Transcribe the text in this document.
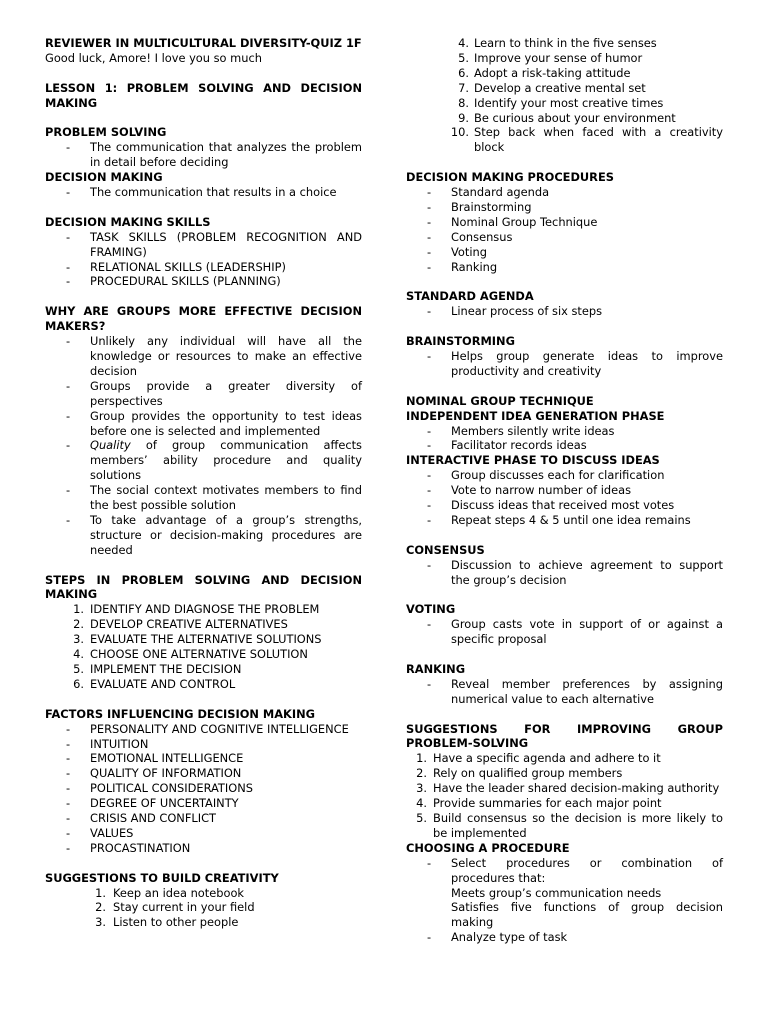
REVIEWER IN MULTICULTURAL DIVERSITY-QUIZ 1F
Good luck, Amore! I love you so much
LESSON 1: PROBLEM SOLVING AND DECISION MAKING
PROBLEM SOLVING
- The communication that analyzes the problem in detail before deciding
DECISION MAKING
- The communication that results in a choice
DECISION MAKING SKILLS
- TASK SKILLS (PROBLEM RECOGNITION AND FRAMING)
- RELATIONAL SKILLS (LEADERSHIP)
- PROCEDURAL SKILLS (PLANNING)
WHY ARE GROUPS MORE EFFECTIVE DECISION MAKERS?
- Unlikely any individual will have all the knowledge or resources to make an effective decision
- Groups provide a greater diversity of perspectives
- Group provides the opportunity to test ideas before one is selected and implemented
- Quality of group communication affects members’ ability procedure and quality solutions
- The social context motivates members to find the best possible solution
- To take advantage of a group’s strengths, structure or decision-making procedures are needed
STEPS IN PROBLEM SOLVING AND DECISION MAKING
1. IDENTIFY AND DIAGNOSE THE PROBLEM
2. DEVELOP CREATIVE ALTERNATIVES
3. EVALUATE THE ALTERNATIVE SOLUTIONS
4. CHOOSE ONE ALTERNATIVE SOLUTION
5. IMPLEMENT THE DECISION
6. EVALUATE AND CONTROL
FACTORS INFLUENCING DECISION MAKING
- PERSONALITY AND COGNITIVE INTELLIGENCE
- INTUITION
- EMOTIONAL INTELLIGENCE
- QUALITY OF INFORMATION
- POLITICAL CONSIDERATIONS
- DEGREE OF UNCERTAINTY
- CRISIS AND CONFLICT
- VALUES
- PROCASTINATION
SUGGESTIONS TO BUILD CREATIVITY
1. Keep an idea notebook
2. Stay current in your field
3. Listen to other people
4. Learn to think in the five senses
5. Improve your sense of humor
6. Adopt a risk-taking attitude
7. Develop a creative mental set
8. Identify your most creative times
9. Be curious about your environment
10. Step back when faced with a creativity block
DECISION MAKING PROCEDURES
- Standard agenda
- Brainstorming
- Nominal Group Technique
- Consensus
- Voting
- Ranking
STANDARD AGENDA
- Linear process of six steps
BRAINSTORMING
- Helps group generate ideas to improve productivity and creativity
NOMINAL GROUP TECHNIQUE
INDEPENDENT IDEA GENERATION PHASE
- Members silently write ideas
- Facilitator records ideas
INTERACTIVE PHASE TO DISCUSS IDEAS
- Group discusses each for clarification
- Vote to narrow number of ideas
- Discuss ideas that received most votes
- Repeat steps 4 & 5 until one idea remains
CONSENSUS
- Discussion to achieve agreement to support the group’s decision
VOTING
- Group casts vote in support of or against a specific proposal
RANKING
- Reveal member preferences by assigning numerical value to each alternative
SUGGESTIONS FOR IMPROVING GROUP PROBLEM-SOLVING
1. Have a specific agenda and adhere to it
2. Rely on qualified group members
3. Have the leader shared decision-making authority
4. Provide summaries for each major point
5. Build consensus so the decision is more likely to be implemented
CHOOSING A PROCEDURE
- Select procedures or combination of procedures that:
Meets group’s communication needs
Satisfies five functions of group decision making
- Analyze type of task
